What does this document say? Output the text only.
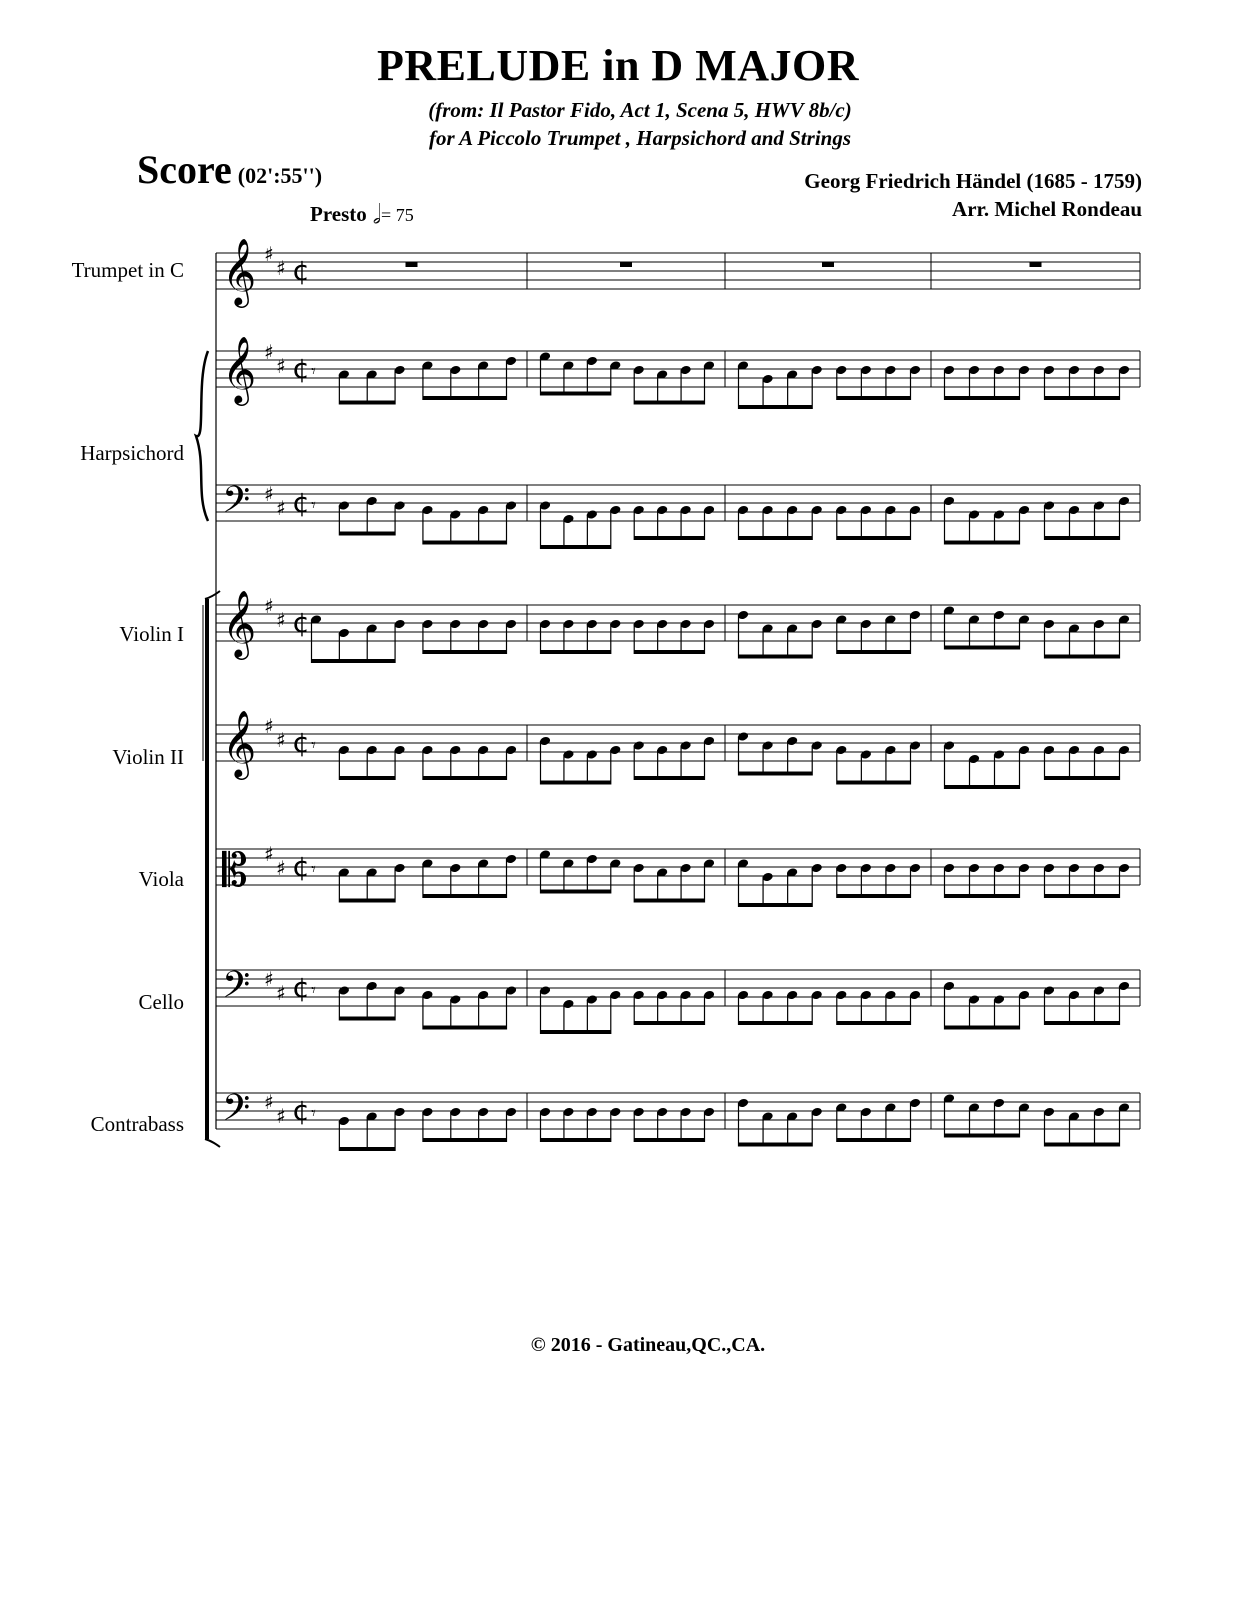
PRELUDE in D MAJOR
(from: Il Pastor Fido, Act 1, Scena 5, HWV 8b/c)
for A Piccolo Trumpet , Harpsichord and Strings
Score (02':55'')	Georg Friedrich Händel (1685 - 1759)
Arr. Michel Rondeau
Presto 𝅗𝅥= 75
Trumpet in C
Harpsichord
Violin I
Violin II
Viola
Cello
Contrabass
𝄞 ♯
♯ ¢
𝄞 ♯
♯ ¢
𝄢 ♯
♯ ¢
𝄞 ♯
♯ ¢
𝄞 ♯
♯ ¢
𝄡 ♯
♯ ¢
𝄢 ♯
♯ ¢
𝄢 ♯
♯ ¢
𝄾
𝄾
𝄾
𝄾
𝄾
𝄾
© 2016 - Gatineau,QC.,CA.
